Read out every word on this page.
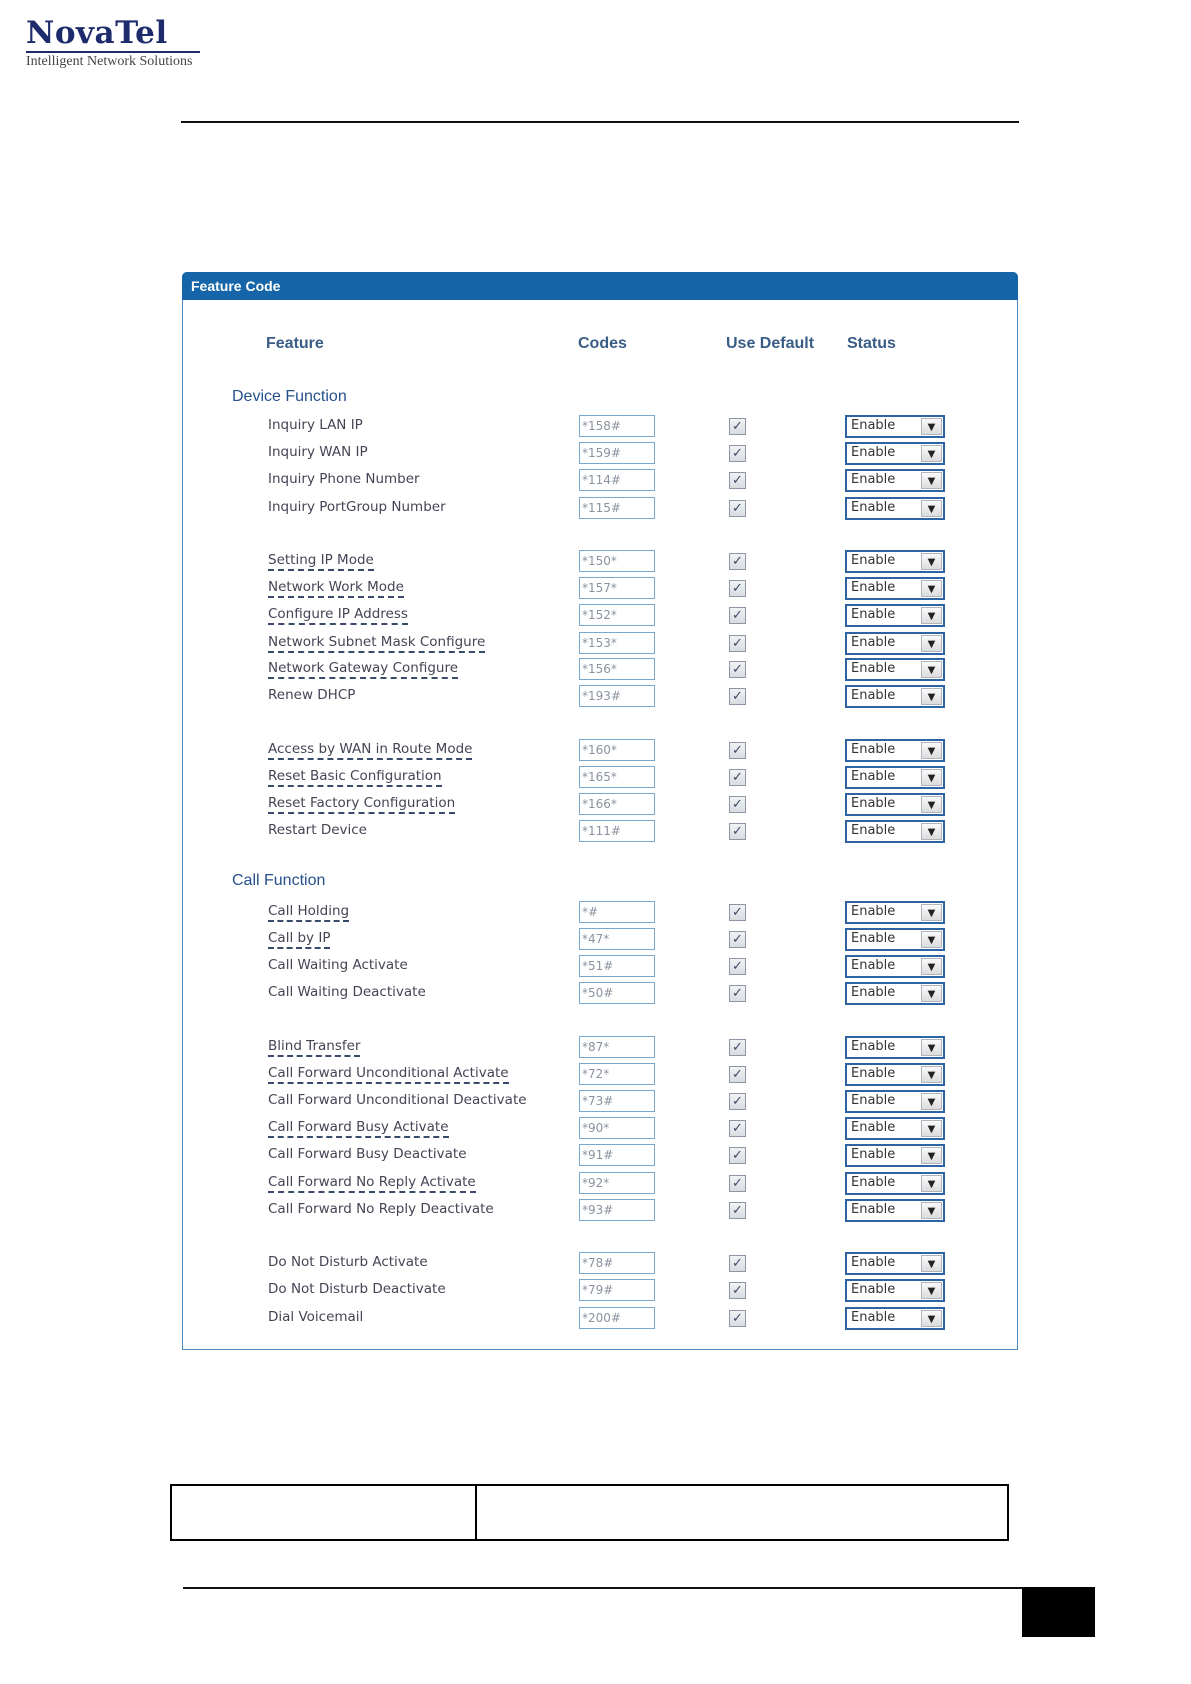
NovaTel
Intelligent Network Solutions
Feature Code
Feature	Codes	Use Default Status
Device Function
Call Function
Inquiry LAN IP	*158#	✓	Enable	▼
Inquiry WAN IP	*159#	✓	Enable	▼
Inquiry Phone Number	*114#	✓	Enable	▼
Inquiry PortGroup Number	*115#	✓	Enable	▼
Setting IP Mode	*150*	✓	Enable	▼
Network Work Mode	*157*	✓	Enable	▼
Configure IP Address	*152*	✓	Enable	▼
Network Subnet Mask Configure	*153*	✓	Enable	▼
Network Gateway Configure	*156*	✓	Enable	▼
Renew DHCP	*193#	✓	Enable	▼
Access by WAN in Route Mode	*160*	✓	Enable	▼
Reset Basic Configuration	*165*	✓	Enable	▼
Reset Factory Configuration	*166*	✓	Enable	▼
Restart Device	*111#	✓	Enable	▼
Call Holding	*#	✓	Enable	▼
Call by IP	*47*	✓	Enable	▼
Call Waiting Activate	*51#	✓	Enable	▼
Call Waiting Deactivate	*50#	✓	Enable	▼
Blind Transfer	*87*	✓	Enable	▼
Call Forward Unconditional Activate	*72*	✓	Enable	▼
Call Forward Unconditional Deactivate	*73#	✓	Enable	▼
Call Forward Busy Activate	*90*	✓	Enable	▼
Call Forward Busy Deactivate	*91#	✓	Enable	▼
Call Forward No Reply Activate	*92*	✓	Enable	▼
Call Forward No Reply Deactivate	*93#	✓	Enable	▼
Do Not Disturb Activate	*78#	✓	Enable	▼
Do Not Disturb Deactivate	*79#	✓	Enable	▼
Dial Voicemail	*200#	✓	Enable	▼
